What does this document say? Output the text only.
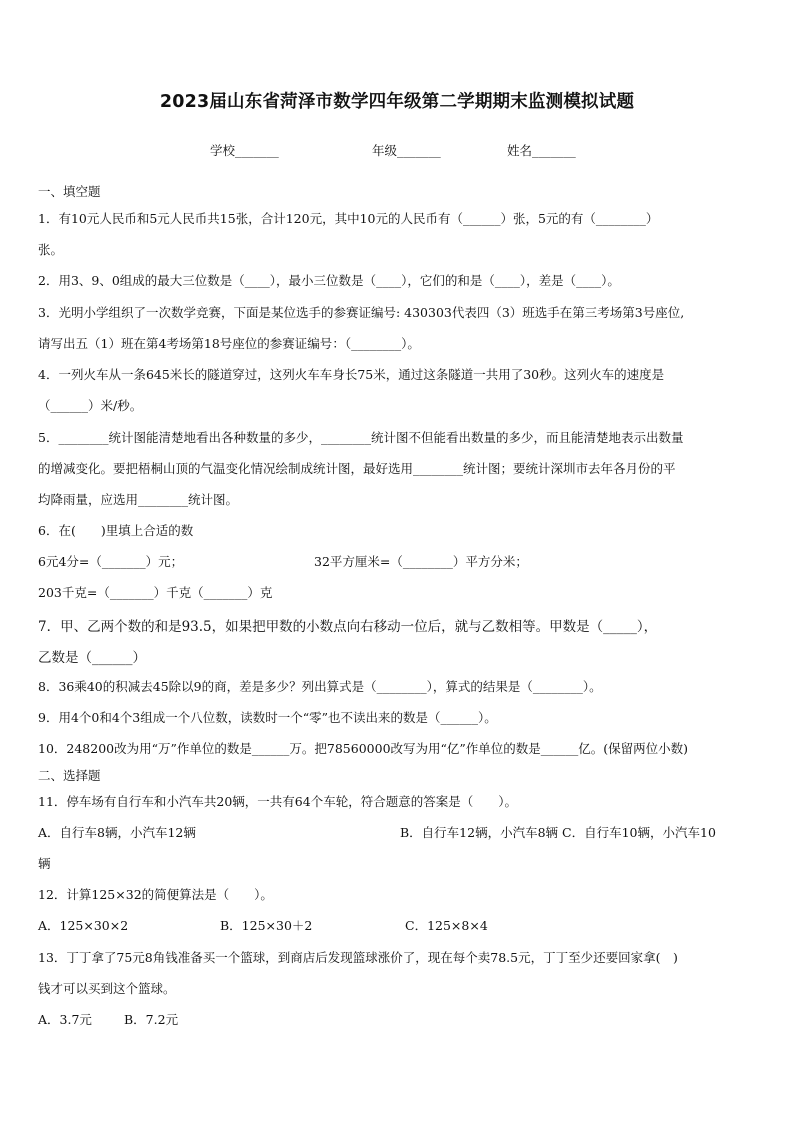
2023届山东省菏泽市数学四年级第二学期期末监测模拟试题
学校_______	年级_______	姓名_______
一、填空题
1．有10元人民币和5元人民币共15张，合计120元，其中10元的人民币有（______）张，5元的有（________）
张。
2．用3、9、0组成的最大三位数是（____），最小三位数是（____），它们的和是（____），差是（____）。
3．光明小学组织了一次数学竞赛，下面是某位选手的参赛证编号: 430303代表四（3）班选手在第三考场第3号座位,
请写出五（1）班在第4考场第18号座位的参赛证编号：（________）。
4．一列火车从一条645米长的隧道穿过，这列火车车身长75米，通过这条隧道一共用了30秒。这列火车的速度是
（______）米/秒。
5．________统计图能清楚地看出各种数量的多少，________统计图不但能看出数量的多少，而且能清楚地表示出数量
的增减变化。要把梧桐山顶的气温变化情况绘制成统计图，最好选用________统计图；要统计深圳市去年各月份的平
均降雨量，应选用________统计图。
6．在(　　)里填上合适的数
6元4分=（_______）元；	32平方厘米=（________）平方分米；
203千克=（_______）千克（_______）克
7．甲、乙两个数的和是93.5，如果把甲数的小数点向右移动一位后，就与乙数相等。甲数是（_____），
乙数是（______）
8．36乘40的积减去45除以9的商，差是多少？列出算式是（________），算式的结果是（________）。
9．用4个0和4个3组成一个八位数，读数时一个“零”也不读出来的数是（______）。
10．248200改为用“万”作单位的数是______万。把78560000改写为用“亿”作单位的数是______亿。(保留两位小数)
二、选择题
11．停车场有自行车和小汽车共20辆，一共有64个车轮，符合题意的答案是（　　）。
A．自行车8辆，小汽车12辆	B．自行车12辆，小汽车8辆 C．自行车10辆，小汽车10
辆
12．计算125×32的简便算法是（　　）。
A．125×30×2	B．125×30＋2	C．125×8×4
13．丁丁拿了75元8角钱准备买一个篮球，到商店后发现篮球涨价了，现在每个卖78.5元，丁丁至少还要回家拿(　)
钱才可以买到这个篮球。
A．3.7元	B．7.2元
